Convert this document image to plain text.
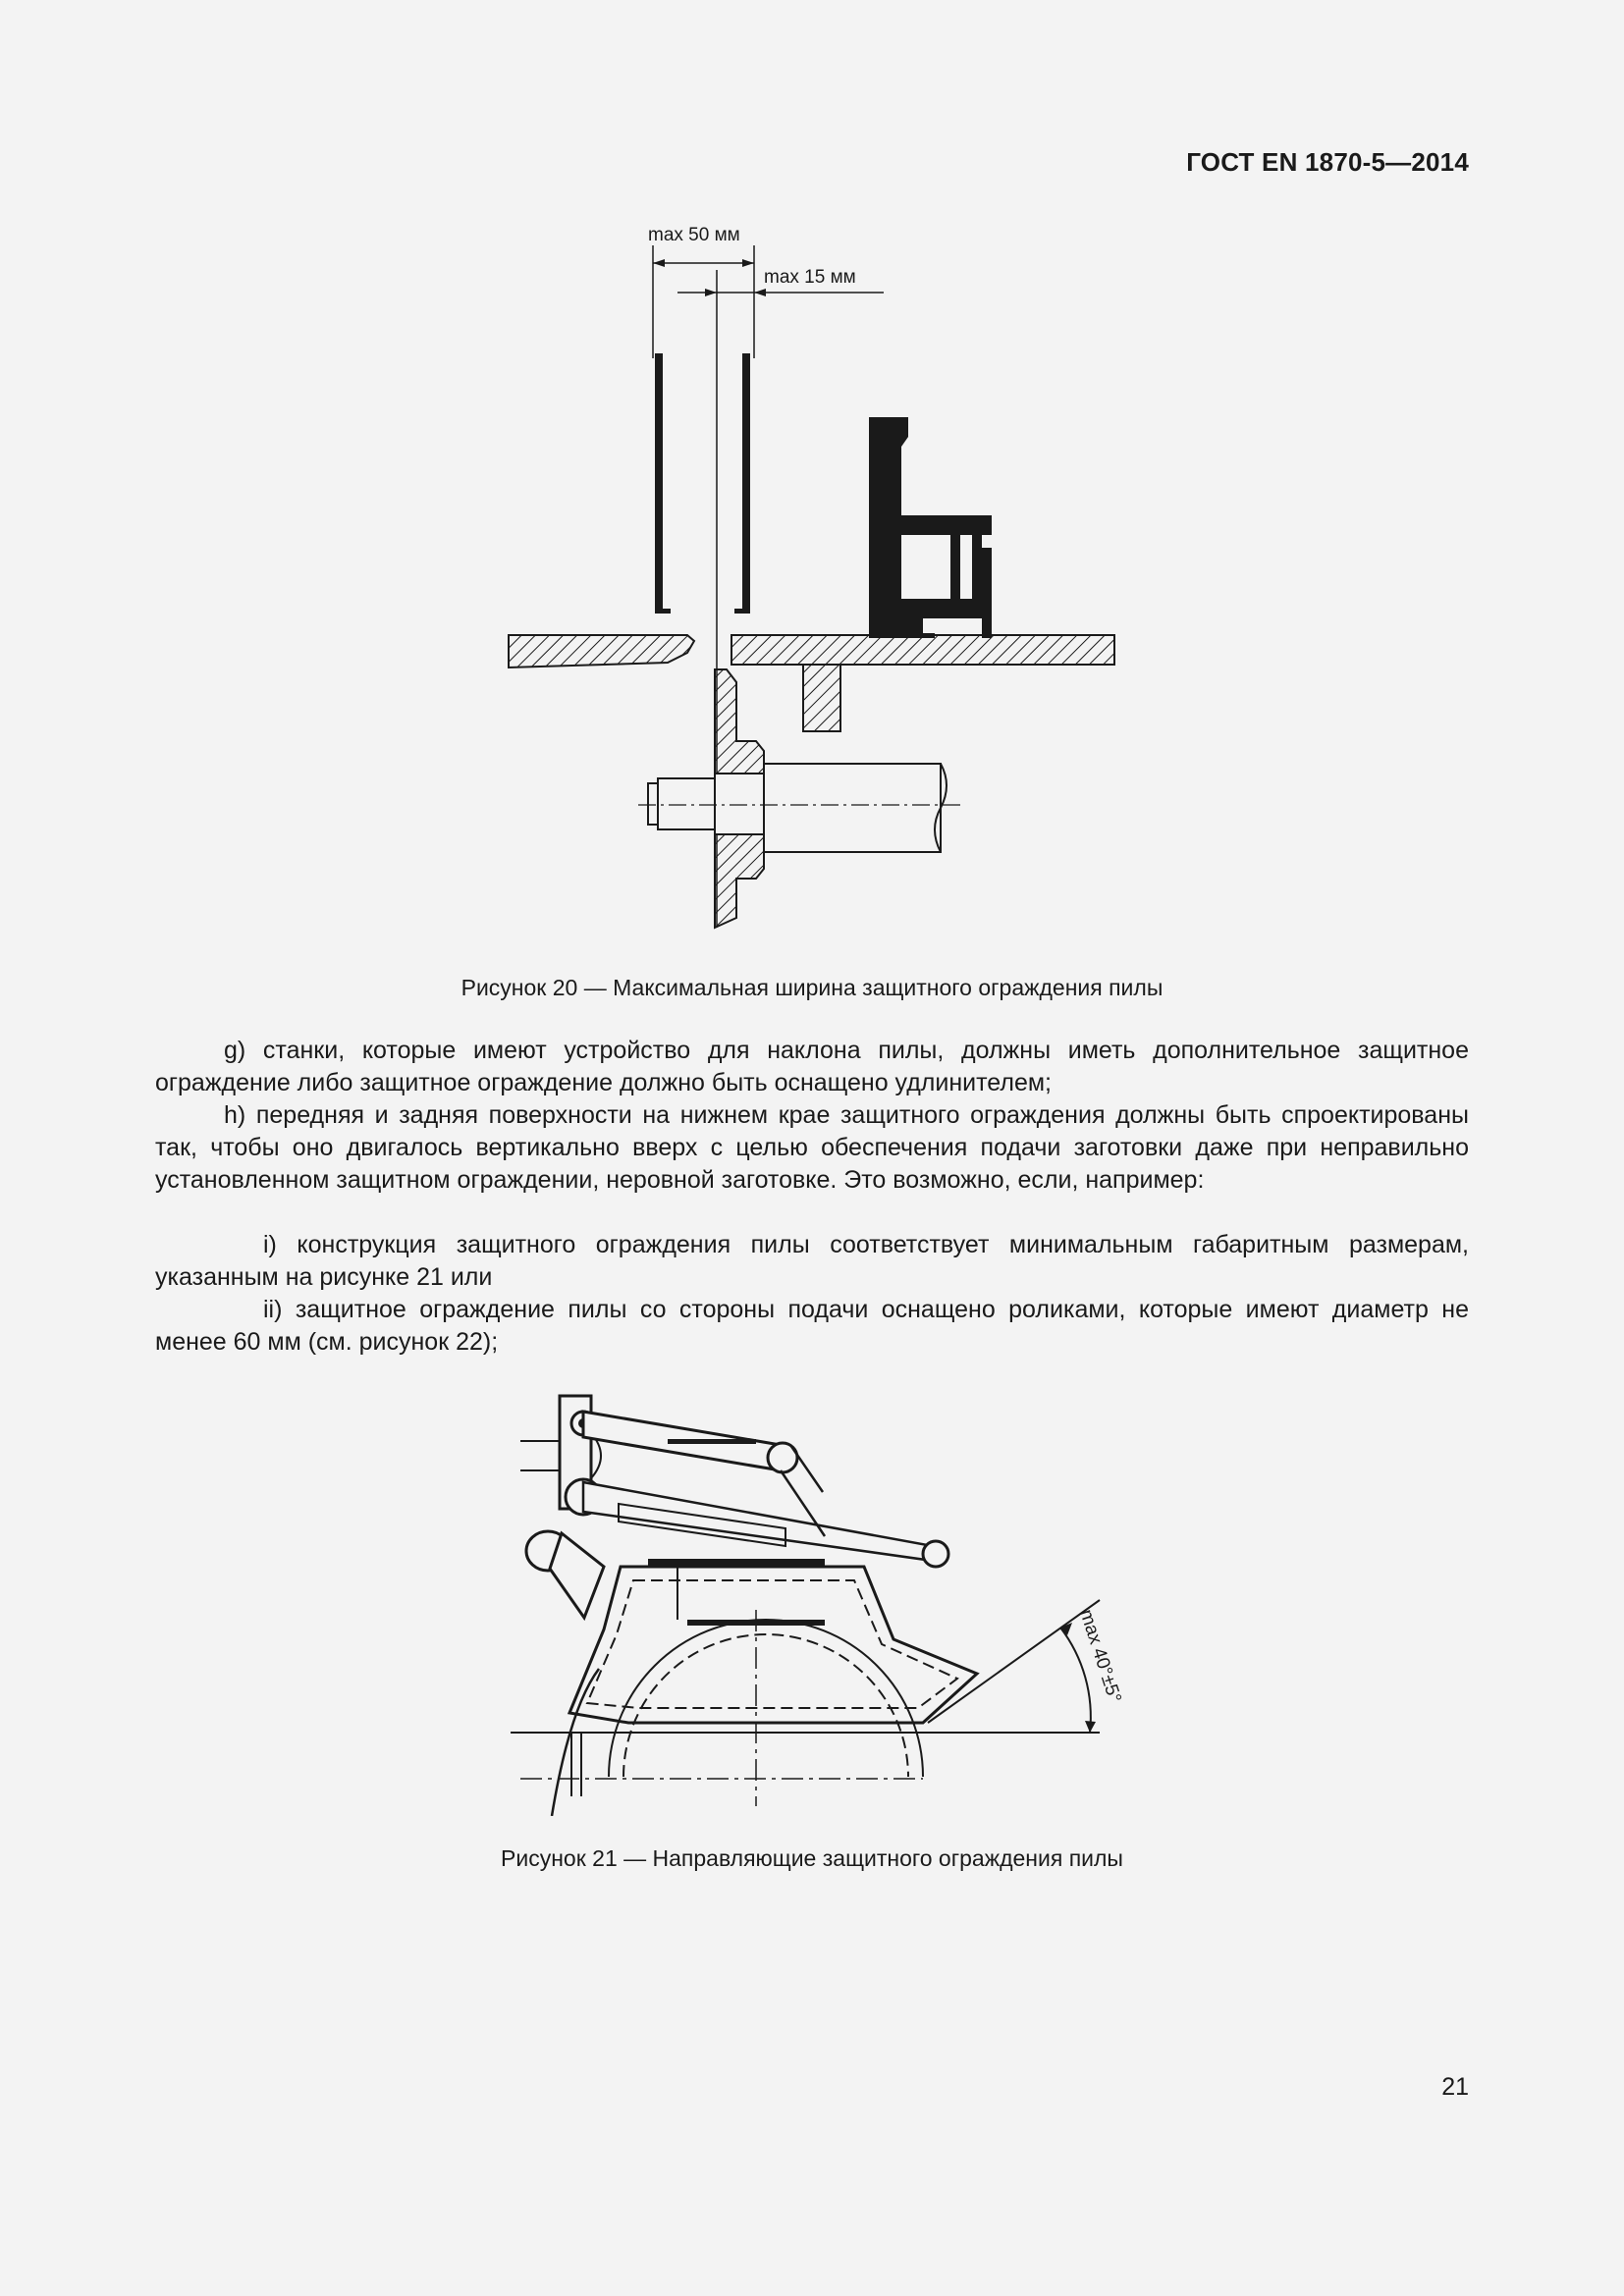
ГОСТ EN 1870-5—2014
max 50 мм
max 15 мм
Рисунок 20 — Максимальная ширина защитного ограждения пилы
g) станки, которые имеют устройство для наклона пилы, должны иметь дополнительное защитное ограждение либо защитное ограждение должно быть оснащено удлинителем;
h) передняя и задняя поверхности на нижнем крае защитного ограждения должны быть спроектированы так, чтобы оно двигалось вертикально вверх с целью обеспечения подачи заготовки даже при неправильно установленном защитном ограждении, неровной заготовке. Это возможно, если, например:
i) конструкция защитного ограждения пилы соответствует минимальным габаритным размерам, указанным на рисунке 21 или
ii) защитное ограждение пилы со стороны подачи оснащено роликами, которые имеют диаметр не менее 60 мм (см. рисунок 22);
max 40°±5°
Рисунок 21 — Направляющие защитного ограждения пилы
21
